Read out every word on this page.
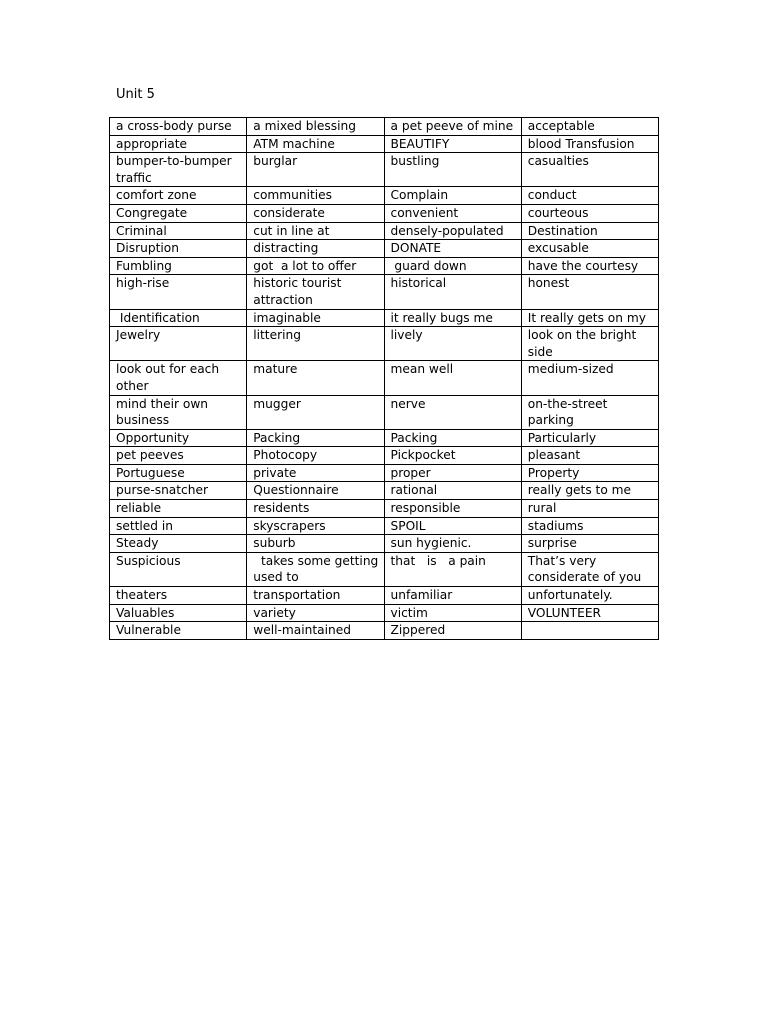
Unit 5
a cross-body purse	a mixed blessing	a pet peeve of mine	acceptable
appropriate	ATM machine	BEAUTIFY	blood Transfusion
bumper-to-bumper traffic	burglar	bustling	casualties
comfort zone	communities	Complain	conduct
Congregate	considerate	convenient	courteous
Criminal	cut in line at	densely-populated	Destination
Disruption	distracting	DONATE	excusable
Fumbling	got  a lot to offer	guard down	have the courtesy
high-rise	historic tourist attraction	historical	honest
Identification	imaginable	it really bugs me	It really gets on my
Jewelry	littering	lively	look on the bright side
look out for each other	mature	mean well	medium-sized
mind their own business	mugger	nerve	on-the-street parking
Opportunity	Packing	Packing	Particularly
pet peeves	Photocopy	Pickpocket	pleasant
Portuguese	private	proper	Property
purse-snatcher	Questionnaire	rational	really gets to me
reliable	residents	responsible	rural
settled in	skyscrapers	SPOIL	stadiums
Steady	suburb	sun hygienic.	surprise
Suspicious	takes some getting used to	that   is   a pain	That’s very considerate of you
theaters	transportation	unfamiliar	unfortunately.
Valuables	variety	victim	VOLUNTEER
Vulnerable	well-maintained	Zippered	
